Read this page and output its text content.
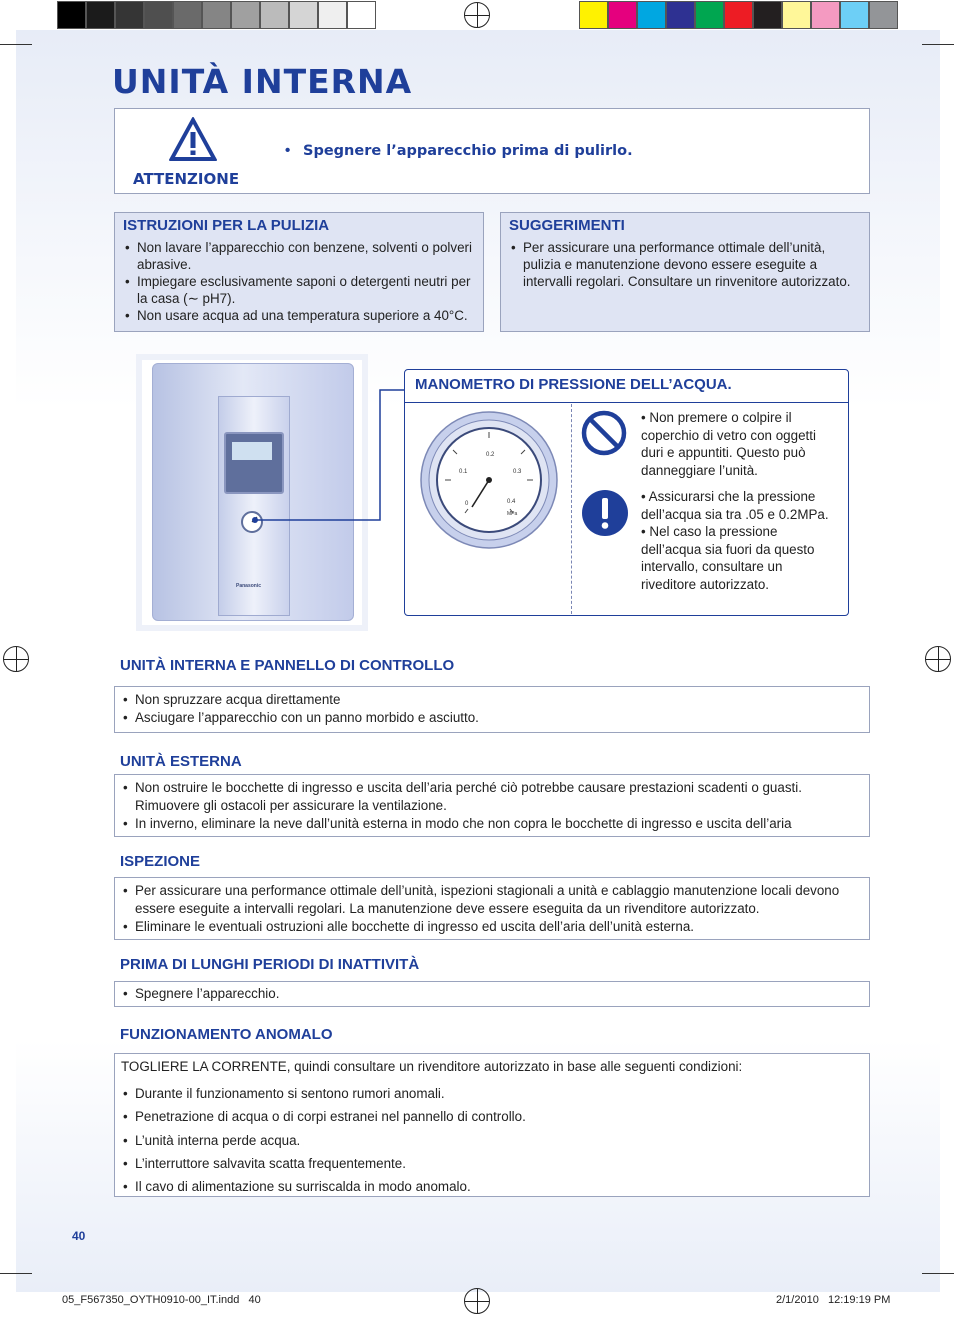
UNITÀ INTERNA
ATTENZIONE
• Spegnere l’apparecchio prima di pulirlo.
ISTRUZIONI PER LA PULIZIA
• Non lavare l’apparecchio con benzene, solventi o polveri abrasive.
• Impiegare esclusivamente saponi o detergenti neutri per la casa (∼ pH7).
• Non usare acqua ad una temperatura superiore a 40°C.
SUGGERIMENTI
• Per assicurare una performance ottimale dell’unità, pulizia e manutenzione devono essere eseguite a intervalli regolari. Consultare un rinvenitore autorizzato.
Panasonic
MANOMETRO DI PRESSIONE DELL’ACQUA.
0
0.1
0.2
0.3
0.4
MPa
• Non premere o colpire il coperchio di vetro con oggetti duri e appuntiti. Questo può danneggiare l’unità.
• Assicurarsi che la pressione dell’acqua sia tra .05 e 0.2MPa.
• Nel caso la pressione dell’acqua sia fuori da questo intervallo, consultare un riveditore autorizzato.
UNITÀ INTERNA E PANNELLO DI CONTROLLO
• Non spruzzare acqua direttamente
• Asciugare l’apparecchio con un panno morbido e asciutto.
UNITÀ ESTERNA
• Non ostruire le bocchette di ingresso e uscita dell’aria perché ciò potrebbe causare prestazioni scadenti o guasti. Rimuovere gli ostacoli per assicurare la ventilazione.
• In inverno, eliminare la neve dall’unità esterna in modo che non copra le bocchette di ingresso e uscita dell’aria
ISPEZIONE
• Per assicurare una performance ottimale dell’unità, ispezioni stagionali a unità e cablaggio manutenzione locali devono essere eseguite a intervalli regolari. La manutenzione deve essere eseguita da un rivenditore autorizzato.
• Eliminare le eventuali ostruzioni alle bocchette di ingresso ed uscita dell’aria dell’unità esterna.
PRIMA DI LUNGHI PERIODI DI INATTIVITÀ
• Spegnere l’apparecchio.
FUNZIONAMENTO ANOMALO
TOGLIERE LA CORRENTE, quindi consultare un rivenditore autorizzato in base alle seguenti condizioni:
• Durante il funzionamento si sentono rumori anomali.
• Penetrazione di acqua o di corpi estranei nel pannello di controllo.
• L’unità interna perde acqua.
• L’interruttore salvavita scatta frequentemente.
• Il cavo di alimentazione su surriscalda in modo anomalo.
40
05_F567350_OYTH0910-00_IT.indd   40	2/1/2010   12:19:19 PM
